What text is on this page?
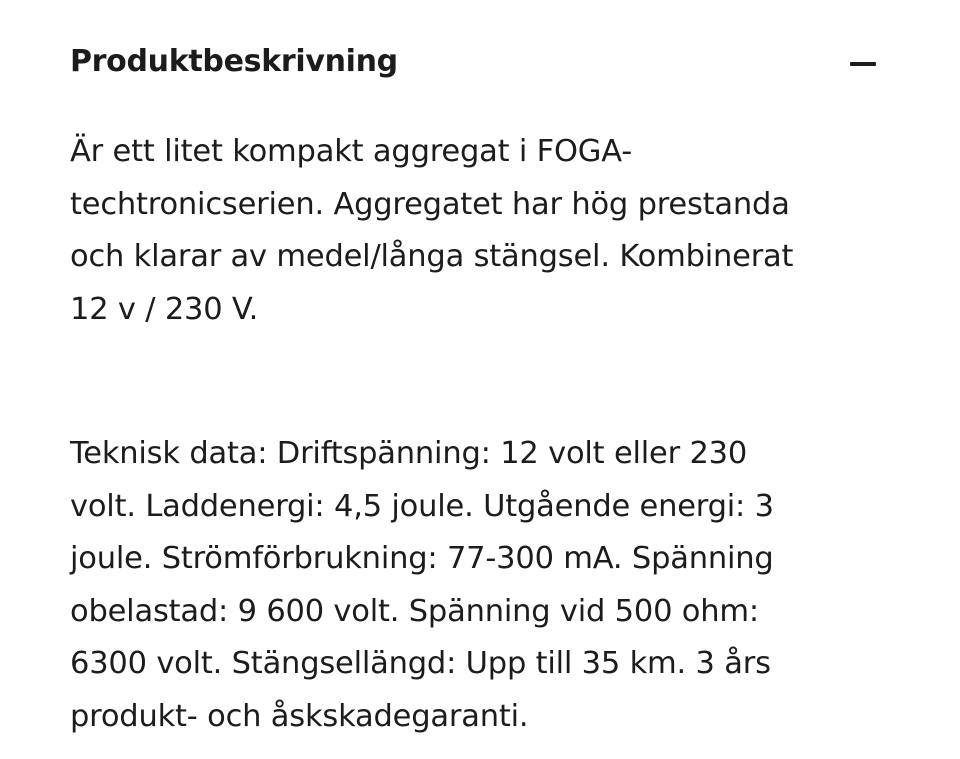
Produktbeskrivning

Är ett litet kompakt aggregat i FOGA-
techtronicserien. Aggregatet har hög prestanda
och klarar av medel/långa stängsel. Kombinerat
12 v / 230 V.

Teknisk data: Driftspänning: 12 volt eller 230
volt. Laddenergi: 4,5 joule. Utgående energi: 3
joule. Strömförbrukning: 77-300 mA. Spänning
obelastad: 9 600 volt. Spänning vid 500 ohm:
6300 volt. Stängsellängd: Upp till 35 km. 3 års
produkt- och åskskadegaranti.
